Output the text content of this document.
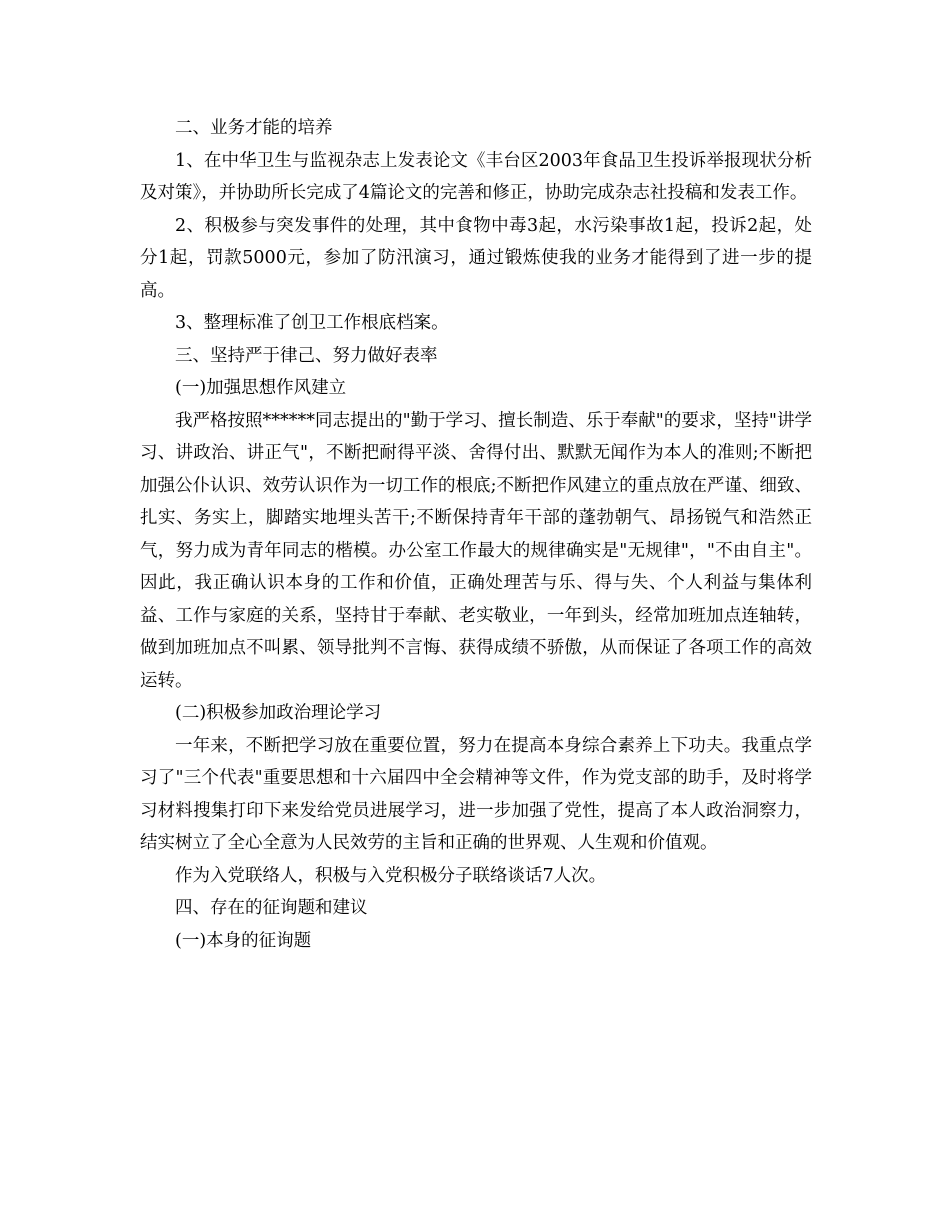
二、业务才能的培养

1、在中华卫生与监视杂志上发表论文《丰台区2003年食品卫生投诉举报现状分析及对策》，并协助所长完成了4篇论文的完善和修正，协助完成杂志社投稿和发表工作。

2、积极参与突发事件的处理，其中食物中毒3起，水污染事故1起，投诉2起，处分1起，罚款5000元，参加了防汛演习，通过锻炼使我的业务才能得到了进一步的提高。

3、整理标准了创卫工作根底档案。

三、坚持严于律己、努力做好表率

(一)加强思想作风建立

我严格按照******同志提出的"勤于学习、擅长制造、乐于奉献"的要求，坚持"讲学习、讲政治、讲正气"，不断把耐得平淡、舍得付出、默默无闻作为本人的准则;不断把加强公仆认识、效劳认识作为一切工作的根底;不断把作风建立的重点放在严谨、细致、扎实、务实上，脚踏实地埋头苦干;不断保持青年干部的蓬勃朝气、昂扬锐气和浩然正气，努力成为青年同志的楷模。办公室工作最大的规律确实是"无规律"，"不由自主"。因此，我正确认识本身的工作和价值，正确处理苦与乐、得与失、个人利益与集体利益、工作与家庭的关系，坚持甘于奉献、老实敬业，一年到头，经常加班加点连轴转，做到加班加点不叫累、领导批判不言悔、获得成绩不骄傲，从而保证了各项工作的高效运转。

(二)积极参加政治理论学习

一年来，不断把学习放在重要位置，努力在提高本身综合素养上下功夫。我重点学习了"三个代表"重要思想和十六届四中全会精神等文件，作为党支部的助手，及时将学习材料搜集打印下来发给党员进展学习，进一步加强了党性，提高了本人政治洞察力，结实树立了全心全意为人民效劳的主旨和正确的世界观、人生观和价值观。

作为入党联络人，积极与入党积极分子联络谈话7人次。

四、存在的征询题和建议

(一)本身的征询题
